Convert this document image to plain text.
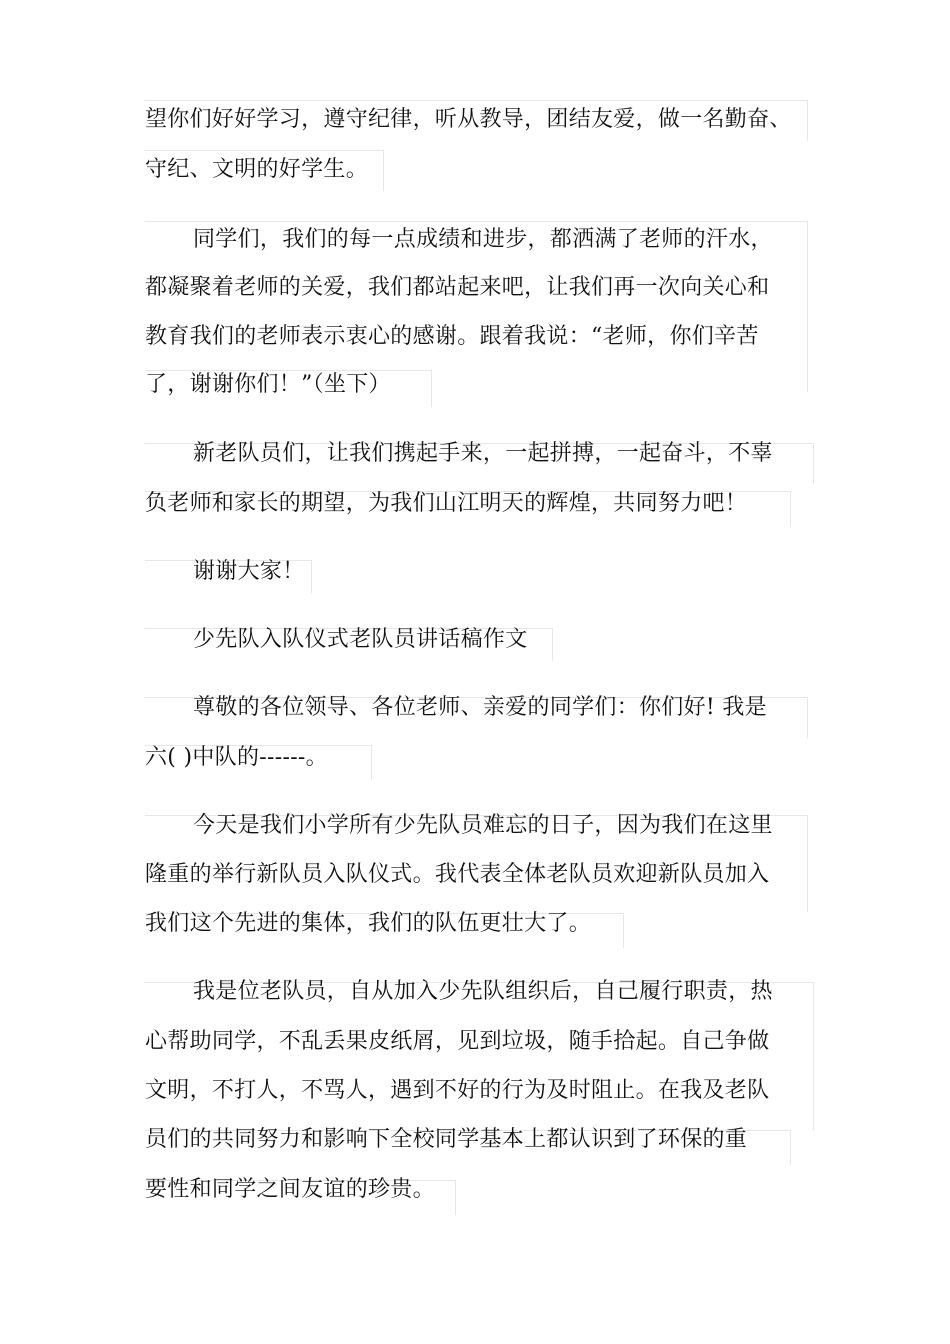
望你们好好学习，遵守纪律，听从教导，团结友爱，做一名勤奋、
守纪、文明的好学生。
同学们，我们的每一点成绩和进步，都洒满了老师的汗水，
都凝聚着老师的关爱，我们都站起来吧，让我们再一次向关心和
教育我们的老师表示衷心的感谢。跟着我说：“老师，你们辛苦
了，谢谢你们！”（坐下）
新老队员们，让我们携起手来，一起拼搏，一起奋斗，不辜
负老师和家长的期望，为我们山江明天的辉煌，共同努力吧！
谢谢大家！
少先队入队仪式老队员讲话稿作文
尊敬的各位领导、各位老师、亲爱的同学们：你们好! 我是
六( )中队的------。
今天是我们小学所有少先队员难忘的日子，因为我们在这里
隆重的举行新队员入队仪式。我代表全体老队员欢迎新队员加入
我们这个先进的集体，我们的队伍更壮大了。
我是位老队员，自从加入少先队组织后，自己履行职责，热
心帮助同学，不乱丢果皮纸屑，见到垃圾，随手拾起。自己争做
文明，不打人，不骂人，遇到不好的行为及时阻止。在我及老队
员们的共同努力和影响下全校同学基本上都认识到了环保的重
要性和同学之间友谊的珍贵。
